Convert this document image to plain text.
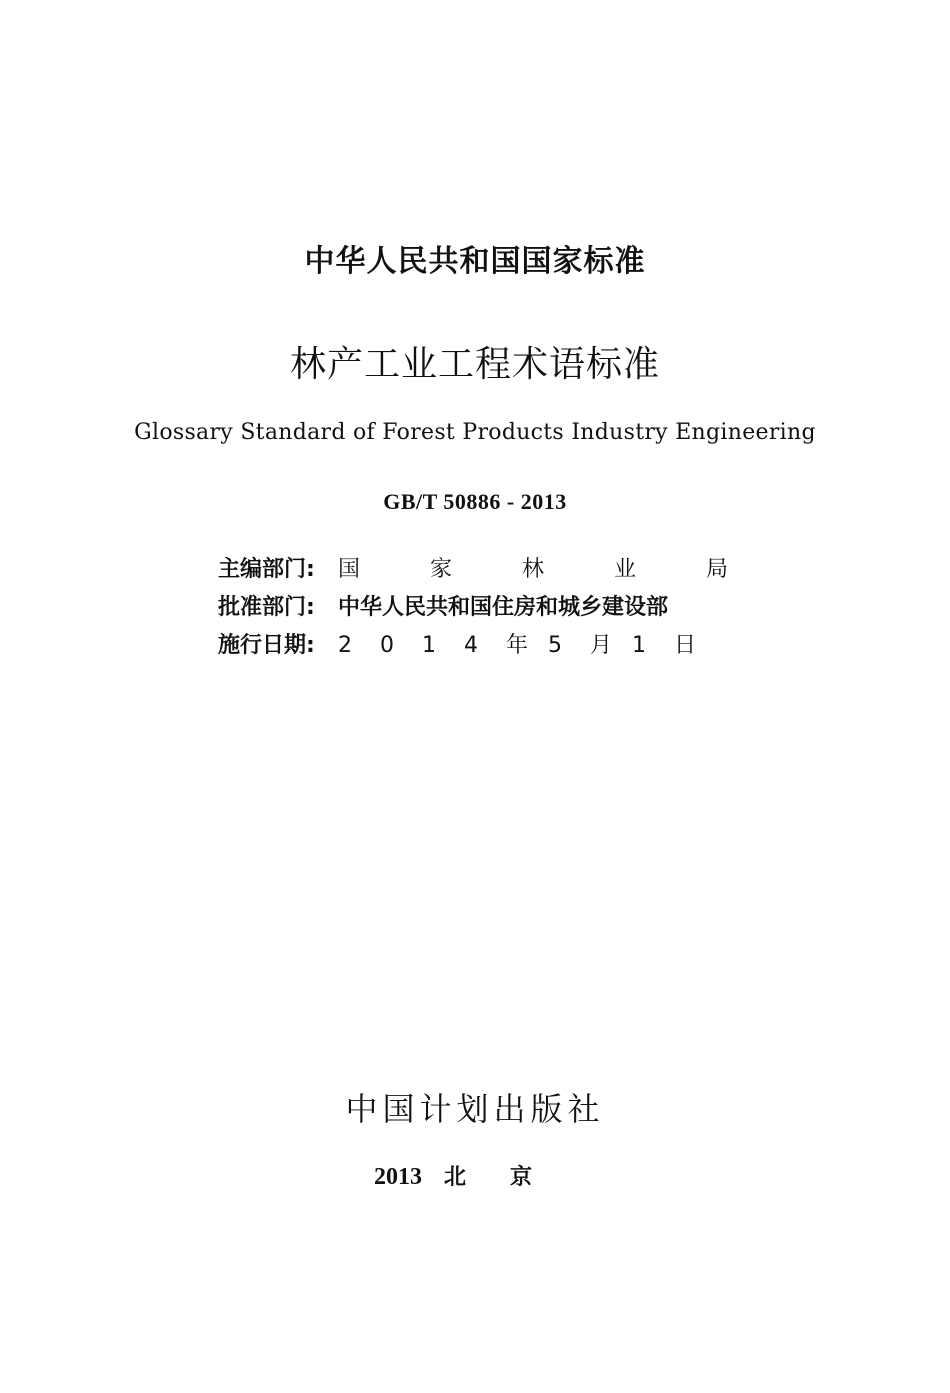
中华人民共和国国家标准
林产工业工程术语标准
Glossary Standard of Forest Products Industry Engineering
GB/T 50886 - 2013
主编部门: 国	家	林	业	局
批准部门: 中华人民共和国住房和城乡建设部
施行日期: 2 0 1 4 年 5 月 1 日
中国计划出版社
2013 北京
